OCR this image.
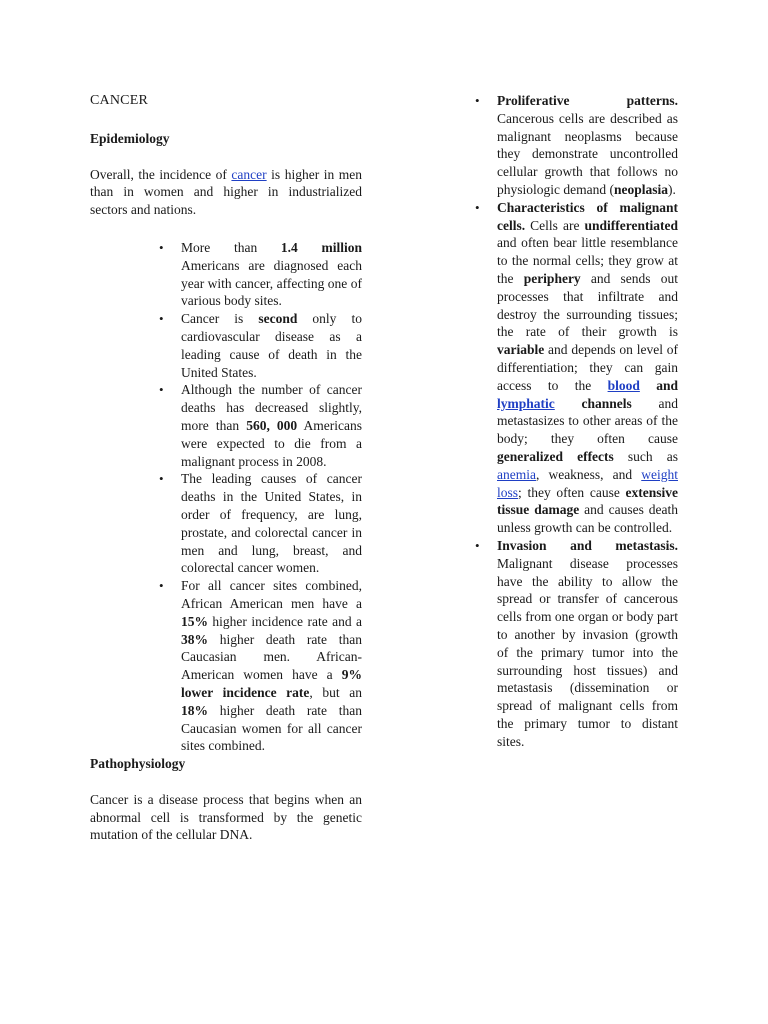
CANCER
Epidemiology

Overall, the incidence of cancer is higher in men than in women and higher in industrialized sectors and nations.

• More than 1.4 million Americans are diagnosed each year with cancer, affecting one of various body sites.
• Cancer is second only to cardiovascular disease as a leading cause of death in the United States.
• Although the number of cancer deaths has decreased slightly, more than 560, 000 Americans were expected to die from a malignant process in 2008.
• The leading causes of cancer deaths in the United States, in order of frequency, are lung, prostate, and colorectal cancer in men and lung, breast, and colorectal cancer women.
• For all cancer sites combined, African American men have a 15% higher incidence rate and a 38% higher death rate than Caucasian men. African-American women have a 9% lower incidence rate, but an 18% higher death rate than Caucasian women for all cancer sites combined.
Pathophysiology

Cancer is a disease process that begins when an abnormal cell is transformed by the genetic mutation of the cellular DNA.

• Proliferative patterns. Cancerous cells are described as malignant neoplasms because they demonstrate uncontrolled cellular growth that follows no physiologic demand (neoplasia).
• Characteristics of malignant cells. Cells are undifferentiated and often bear little resemblance to the normal cells; they grow at the periphery and sends out processes that infiltrate and destroy the surrounding tissues; the rate of their growth is variable and depends on level of differentiation; they can gain access to the blood and lymphatic channels and metastasizes to other areas of the body; they often cause generalized effects such as anemia, weakness, and weight loss; they often cause extensive tissue damage and causes death unless growth can be controlled.
• Invasion and metastasis. Malignant disease processes have the ability to allow the spread or transfer of cancerous cells from one organ or body part to another by invasion (growth of the primary tumor into the surrounding host tissues) and metastasis (dissemination or spread of malignant cells from the primary tumor to distant sites.
